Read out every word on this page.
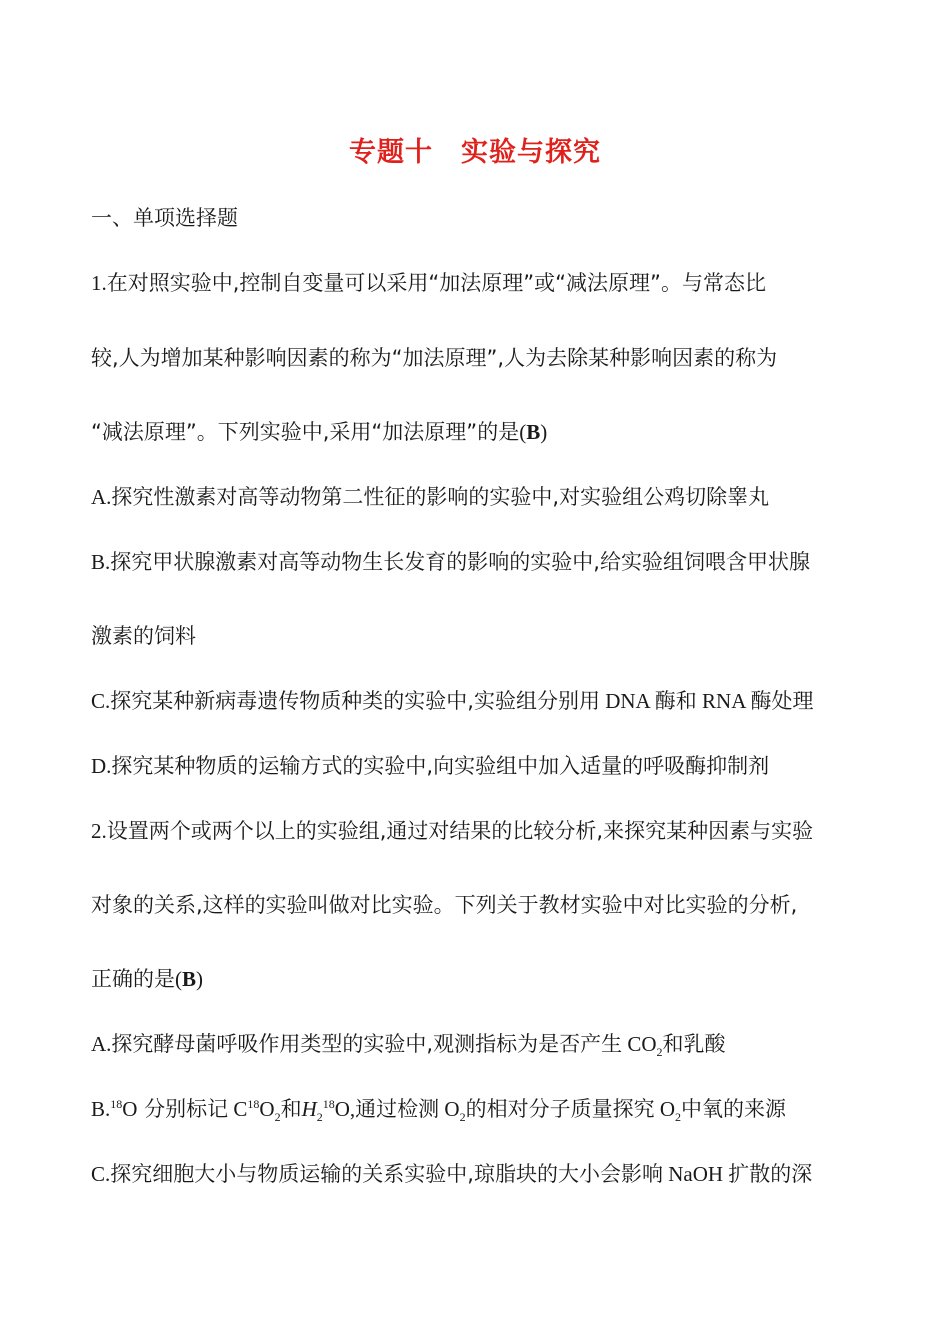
专题十　实验与探究
一、单项选择题
1.在对照实验中,控制自变量可以采用“加法原理”或“减法原理”。与常态比
较,人为增加某种影响因素的称为“加法原理”,人为去除某种影响因素的称为
“减法原理”。下列实验中,采用“加法原理”的是(B)
A.探究性激素对高等动物第二性征的影响的实验中,对实验组公鸡切除睾丸
B.探究甲状腺激素对高等动物生长发育的影响的实验中,给实验组饲喂含甲状腺
激素的饲料
C.探究某种新病毒遗传物质种类的实验中,实验组分别用 DNA 酶和 RNA 酶处理
D.探究某种物质的运输方式的实验中,向实验组中加入适量的呼吸酶抑制剂
2.设置两个或两个以上的实验组,通过对结果的比较分析,来探究某种因素与实验
对象的关系,这样的实验叫做对比实验。下列关于教材实验中对比实验的分析,
正确的是(B)
A.探究酵母菌呼吸作用类型的实验中,观测指标为是否产生 $CO_2$和乳酸
B.$^{18}$O 分别标记 $C^{18}O_2$和$H_2^{18}O$,通过检测 $O_2$的相对分子质量探究 $O_2$中氧的来源
C.探究细胞大小与物质运输的关系实验中,琼脂块的大小会影响 NaOH 扩散的深
